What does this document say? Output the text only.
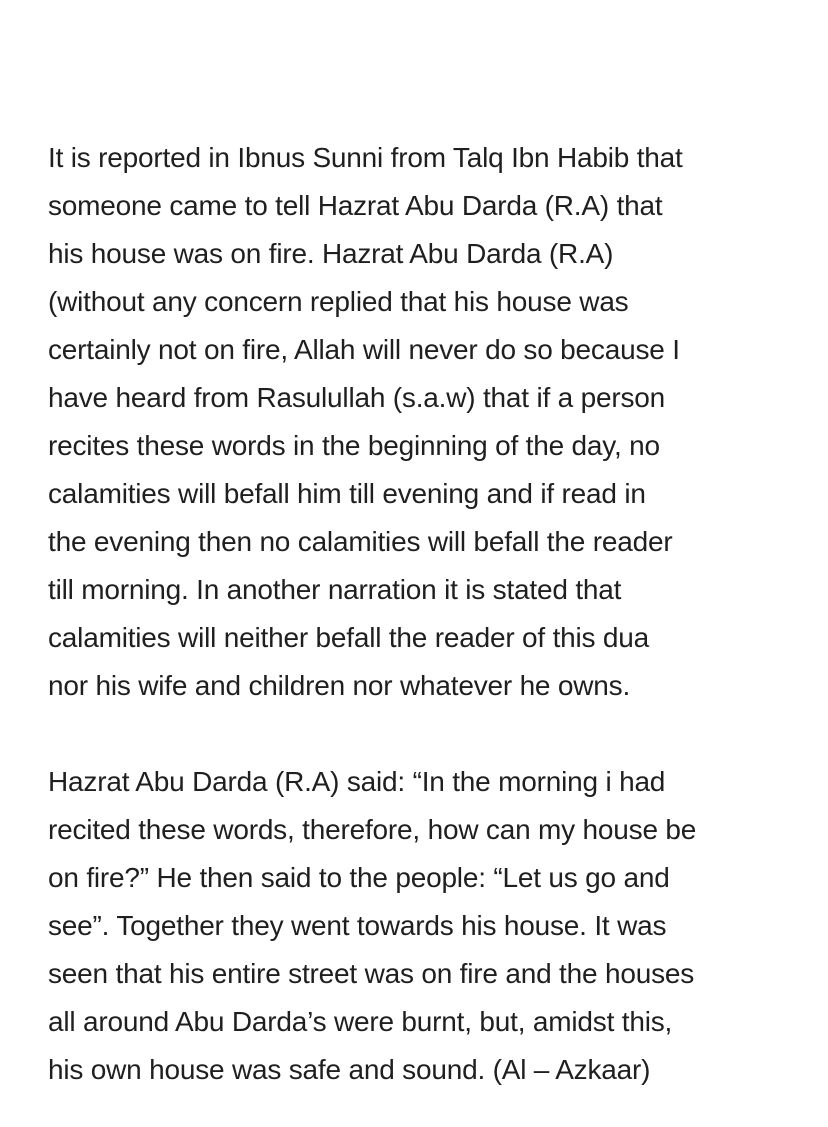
It is reported in Ibnus Sunni from Talq Ibn Habib that
someone came to tell Hazrat Abu Darda (R.A) that
his house was on fire. Hazrat Abu Darda (R.A)
(without any concern replied that his house was
certainly not on fire, Allah will never do so because I
have heard from Rasulullah (s.a.w) that if a person
recites these words in the beginning of the day, no
calamities will befall him till evening and if read in
the evening then no calamities will befall the reader
till morning. In another narration it is stated that
calamities will neither befall the reader of this dua
nor his wife and children nor whatever he owns.

Hazrat Abu Darda (R.A) said: “In the morning i had
recited these words, therefore, how can my house be
on fire?” He then said to the people: “Let us go and
see”. Together they went towards his house. It was
seen that his entire street was on fire and the houses
all around Abu Darda’s were burnt, but, amidst this,
his own house was safe and sound. (Al – Azkaar)
